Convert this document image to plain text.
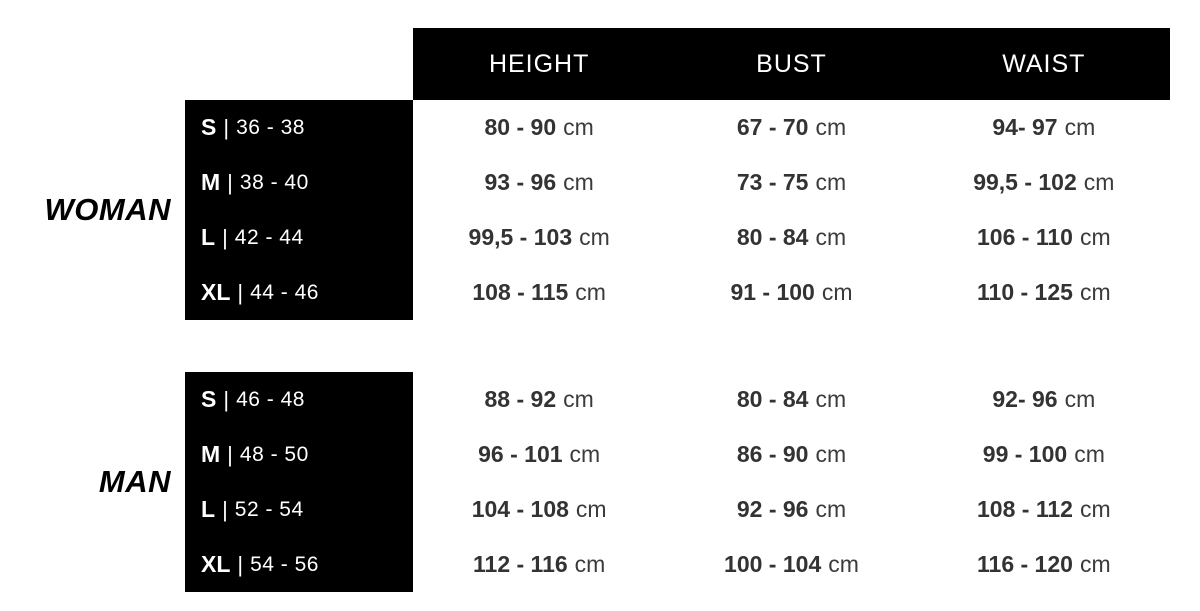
HEIGHT	BUST	WAIST
WOMAN
S | 36 - 38
M | 38 - 40
L | 42 - 44
XL | 44 - 46
80 - 90 cm
93 - 96 cm
99,5 - 103 cm
108 - 115 cm
67 - 70 cm
73 - 75 cm
80 - 84 cm
91 - 100 cm
94- 97 cm
99,5 - 102 cm
106 - 110 cm
110 - 125 cm
MAN
S | 46 - 48
M | 48 - 50
L | 52 - 54
XL | 54 - 56
88 - 92 cm
96 - 101 cm
104 - 108 cm
112 - 116 cm
80 - 84 cm
86 - 90 cm
92 - 96 cm
100 - 104 cm
92- 96 cm
99 - 100 cm
108 - 112 cm
116 - 120 cm
